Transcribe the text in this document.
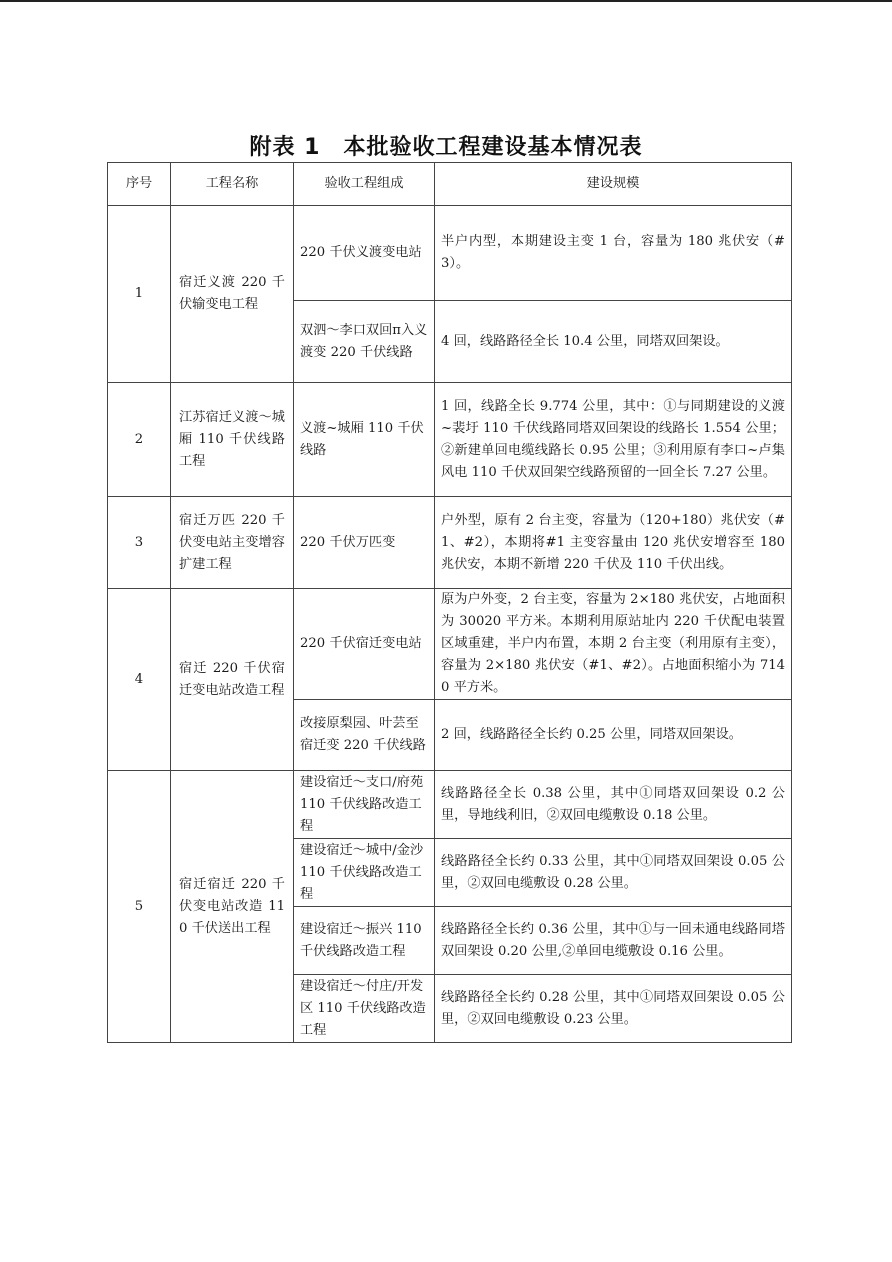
附表 1　本批验收工程建设基本情况表
序号	工程名称	验收工程组成	建设规模
1	宿迁义渡 220 千伏输变电工程	220 千伏义渡变电站	半户内型，本期建设主变 1 台，容量为 180 兆伏安（#3）。
		双泗～李口双回π入义渡变 220 千伏线路	4 回，线路路径全长 10.4 公里，同塔双回架设。
2	江苏宿迁义渡～城厢 110 千伏线路工程	义渡~城厢 110 千伏线路	1 回，线路全长 9.774 公里，其中：①与同期建设的义渡~裴圩 110 千伏线路同塔双回架设的线路长 1.554 公里；②新建单回电缆线路长 0.95 公里；③利用原有李口~卢集风电 110 千伏双回架空线路预留的一回全长 7.27 公里。
3	宿迁万匹 220 千伏变电站主变增容扩建工程	220 千伏万匹变	户外型，原有 2 台主变，容量为（120+180）兆伏安（#1、#2），本期将#1 主变容量由 120 兆伏安增容至 180 兆伏安，本期不新增 220 千伏及 110 千伏出线。
4	宿迁 220 千伏宿迁变电站改造工程	220 千伏宿迁变电站	原为户外变，2 台主变，容量为 2×180 兆伏安，占地面积为 30020 平方米。本期利用原站址内 220 千伏配电装置区域重建，半户内布置，本期 2 台主变（利用原有主变），容量为 2×180 兆伏安（#1、#2）。占地面积缩小为 7140 平方米。
		改接原梨园、叶芸至宿迁变 220 千伏线路	2 回，线路路径全长约 0.25 公里，同塔双回架设。
5	宿迁宿迁 220 千伏变电站改造 110 千伏送出工程	建设宿迁～支口/府苑 110 千伏线路改造工程	线路路径全长 0.38 公里，其中①同塔双回架设 0.2 公里，导地线利旧，②双回电缆敷设 0.18 公里。
		建设宿迁～城中/金沙 110 千伏线路改造工程	线路路径全长约 0.33 公里，其中①同塔双回架设 0.05 公里，②双回电缆敷设 0.28 公里。
		建设宿迁～振兴 110 千伏线路改造工程	线路路径全长约 0.36 公里，其中①与一回未通电线路同塔双回架设 0.20 公里,②单回电缆敷设 0.16 公里。
		建设宿迁～付庄/开发区 110 千伏线路改造工程	线路路径全长约 0.28 公里，其中①同塔双回架设 0.05 公里，②双回电缆敷设 0.23 公里。
